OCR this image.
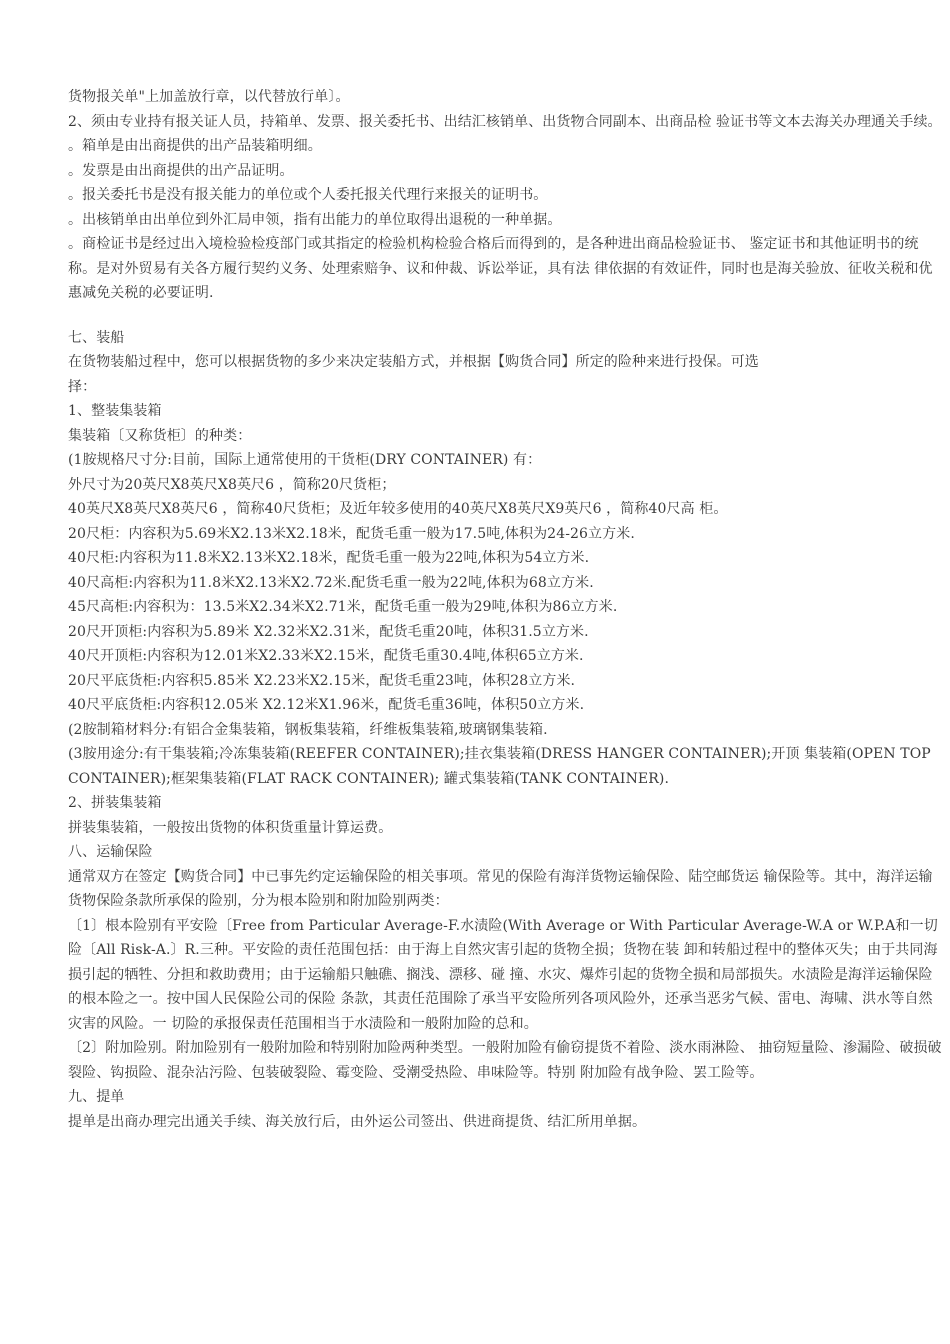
货物报关单"上加盖放行章，以代替放行单〕。

2、须由专业持有报关证人员，持箱单、发票、报关委托书、出结汇核销单、出货物合同副本、出商品检 验证书等文本去海关办理通关手续。

。箱单是由出商提供的出产品装箱明细。

。发票是由出商提供的出产品证明。

。报关委托书是没有报关能力的单位或个人委托报关代理行来报关的证明书。

。出核销单由出单位到外汇局申领，指有出能力的单位取得出退税的一种单据。

。商检证书是经过出入境检验检疫部门或其指定的检验机构检验合格后而得到的，是各种进出商品检验证书、 鉴定证书和其他证明书的统称。是对外贸易有关各方履行契约义务、处理索赔争、议和仲裁、诉讼举证，具有法 律依据的有效证件，同时也是海关验放、征收关税和优惠减免关税的必要证明.

七、装船

在货物装船过程中，您可以根据货物的多少来决定装船方式，并根据【购货合同】所定的险种来进行投保。可选

择：

1、整装集装箱

集装箱〔又称货柜〕的种类：

(1胺规格尺寸分:目前，国际上通常使用的干货柜(DRY CONTAINER) 有：

外尺寸为20英尺X8英尺X8英尺6 ，简称20尺货柜；

40英尺X8英尺X8英尺6 ，简称40尺货柜；及近年较多使用的40英尺X8英尺X9英尺6 ，简称40尺高 柜。

20尺柜：内容积为5.69米X2.13米X2.18米，配货毛重一般为17.5吨,体积为24-26立方米.

40尺柜:内容积为11.8米X2.13米X2.18米，配货毛重一般为22吨,体积为54立方米.

40尺高柜:内容积为11.8米X2.13米X2.72米.配货毛重一般为22吨,体积为68立方米.

45尺高柜:内容积为：13.5米X2.34米X2.71米，配货毛重一般为29吨,体积为86立方米.

20尺开顶柜:内容积为5.89米 X2.32米X2.31米，配货毛重20吨，体积31.5立方米.

40尺开顶柜:内容积为12.01米X2.33米X2.15米，配货毛重30.4吨,体积65立方米.

20尺平底货柜:内容积5.85米 X2.23米X2.15米，配货毛重23吨，体积28立方米.

40尺平底货柜:内容积12.05米 X2.12米X1.96米，配货毛重36吨，体积50立方米.

(2胺制箱材料分:有铝合金集装箱，钢板集装箱，纤维板集装箱,玻璃钢集装箱.

(3胺用途分:有干集装箱;冷冻集装箱(REEFER CONTAINER);挂衣集装箱(DRESS HANGER CONTAINER);开顶 集装箱(OPEN TOP CONTAINER);框架集装箱(FLAT RACK CONTAINER); 罐式集装箱(TANK CONTAINER).

2、拼装集装箱

拼装集装箱，一般按出货物的体积货重量计算运费。

八、运输保险

通常双方在签定【购货合同】中已事先约定运输保险的相关事项。常见的保险有海洋货物运输保险、陆空邮货运 输保险等。其中，海洋运输货物保险条款所承保的险别，分为根本险别和附加险别两类：

〔1〕根本险别有平安险〔Free from Particular Average-F.水渍险(With Average or With Particular Average-W.A or W.P.A和一切险〔All Risk-A.〕R.三种。平安险的责任范围包括：由于海上自然灾害引起的货物全损；货物在装 卸和转船过程中的整体灭失；由于共同海损引起的牺牲、分担和救助费用；由于运输船只触礁、搁浅、漂移、碰 撞、水灾、爆炸引起的货物全损和局部损失。水渍险是海洋运输保险的根本险之一。按中国人民保险公司的保险 条款，其责任范围除了承当平安险所列各项风险外，还承当恶劣气候、雷电、海啸、洪水等自然灾害的风险。一 切险的承报保责任范围相当于水渍险和一般附加险的总和。

〔2〕附加险别。附加险别有一般附加险和特别附加险两种类型。一般附加险有偷窃提货不着险、淡水雨淋险、 抽窃短量险、渗漏险、破损破裂险、钩损险、混杂沾污险、包装破裂险、霉变险、受潮受热险、串味险等。特别 附加险有战争险、罢工险等。

九、提单

提单是出商办理完出通关手续、海关放行后，由外运公司签出、供进商提货、结汇所用单据。
